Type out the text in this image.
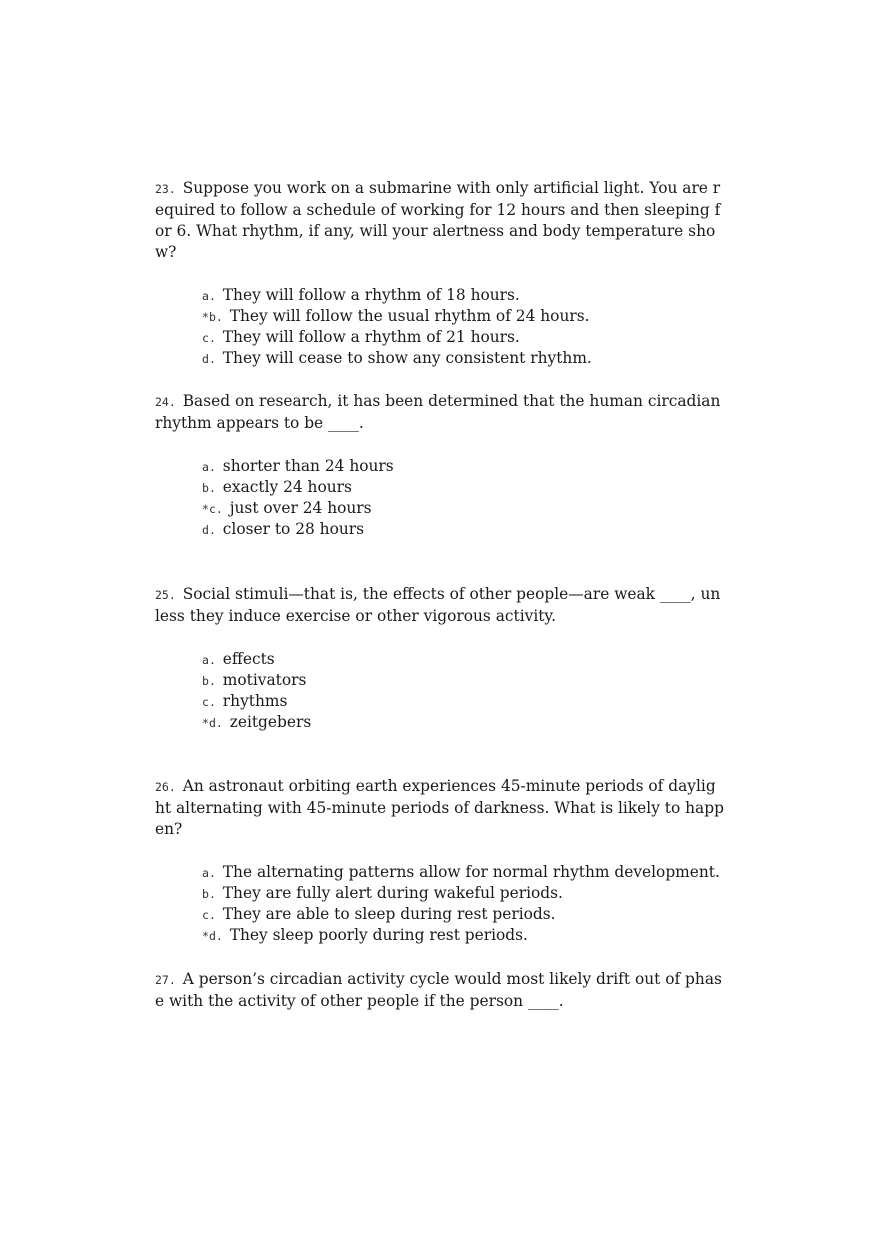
23. Suppose you work on a submarine with only artificial light. You are required to follow a schedule of working for 12 hours and then sleeping for 6. What rhythm, if any, will your alertness and body temperature show?

a. They will follow a rhythm of 18 hours.
*b. They will follow the usual rhythm of 24 hours.
c. They will follow a rhythm of 21 hours.
d. They will cease to show any consistent rhythm.

24. Based on research, it has been determined that the human circadian rhythm appears to be ____.

a. shorter than 24 hours
b. exactly 24 hours
*c. just over 24 hours
d. closer to 28 hours

25. Social stimuli—that is, the effects of other people—are weak ____, unless they induce exercise or other vigorous activity.

a. effects
b. motivators
c. rhythms
*d. zeitgebers

26. An astronaut orbiting earth experiences 45-minute periods of daylight alternating with 45-minute periods of darkness. What is likely to happen?

a. The alternating patterns allow for normal rhythm development.
b. They are fully alert during wakeful periods.
c. They are able to sleep during rest periods.
*d. They sleep poorly during rest periods.

27. A person’s circadian activity cycle would most likely drift out of phase with the activity of other people if the person ____.
